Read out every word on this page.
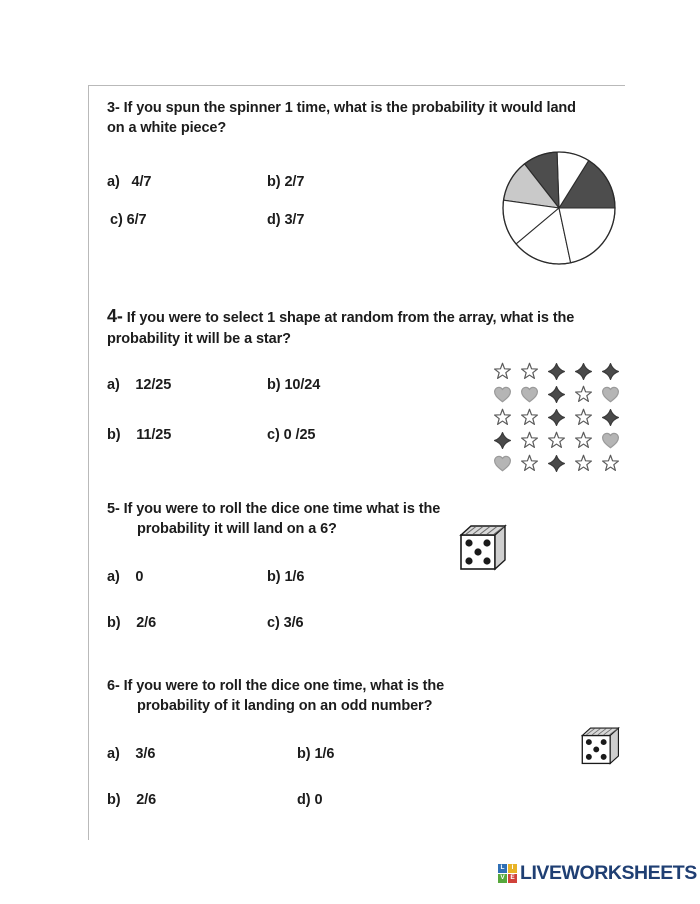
3- If you spun the spinner 1 time, what is the probability it would land on a white piece?

a) 4/7	b) 2/7
c) 6/7	d) 3/7

4- If you were to select 1 shape at random from the array, what is the probability it will be a star?

a) 12/25	b) 10/24
b) 11/25	c) 0 /25

5- If you were to roll the dice one time what is the
probability it will land on a 6?

a) 0	b) 1/6
b) 2/6	c) 3/6

6- If you were to roll the dice one time, what is the
probability of it landing on an odd number?

a) 3/6	b) 1/6
b) 2/6	d) 0
L	I
V E LIVEWORKSHEETS
